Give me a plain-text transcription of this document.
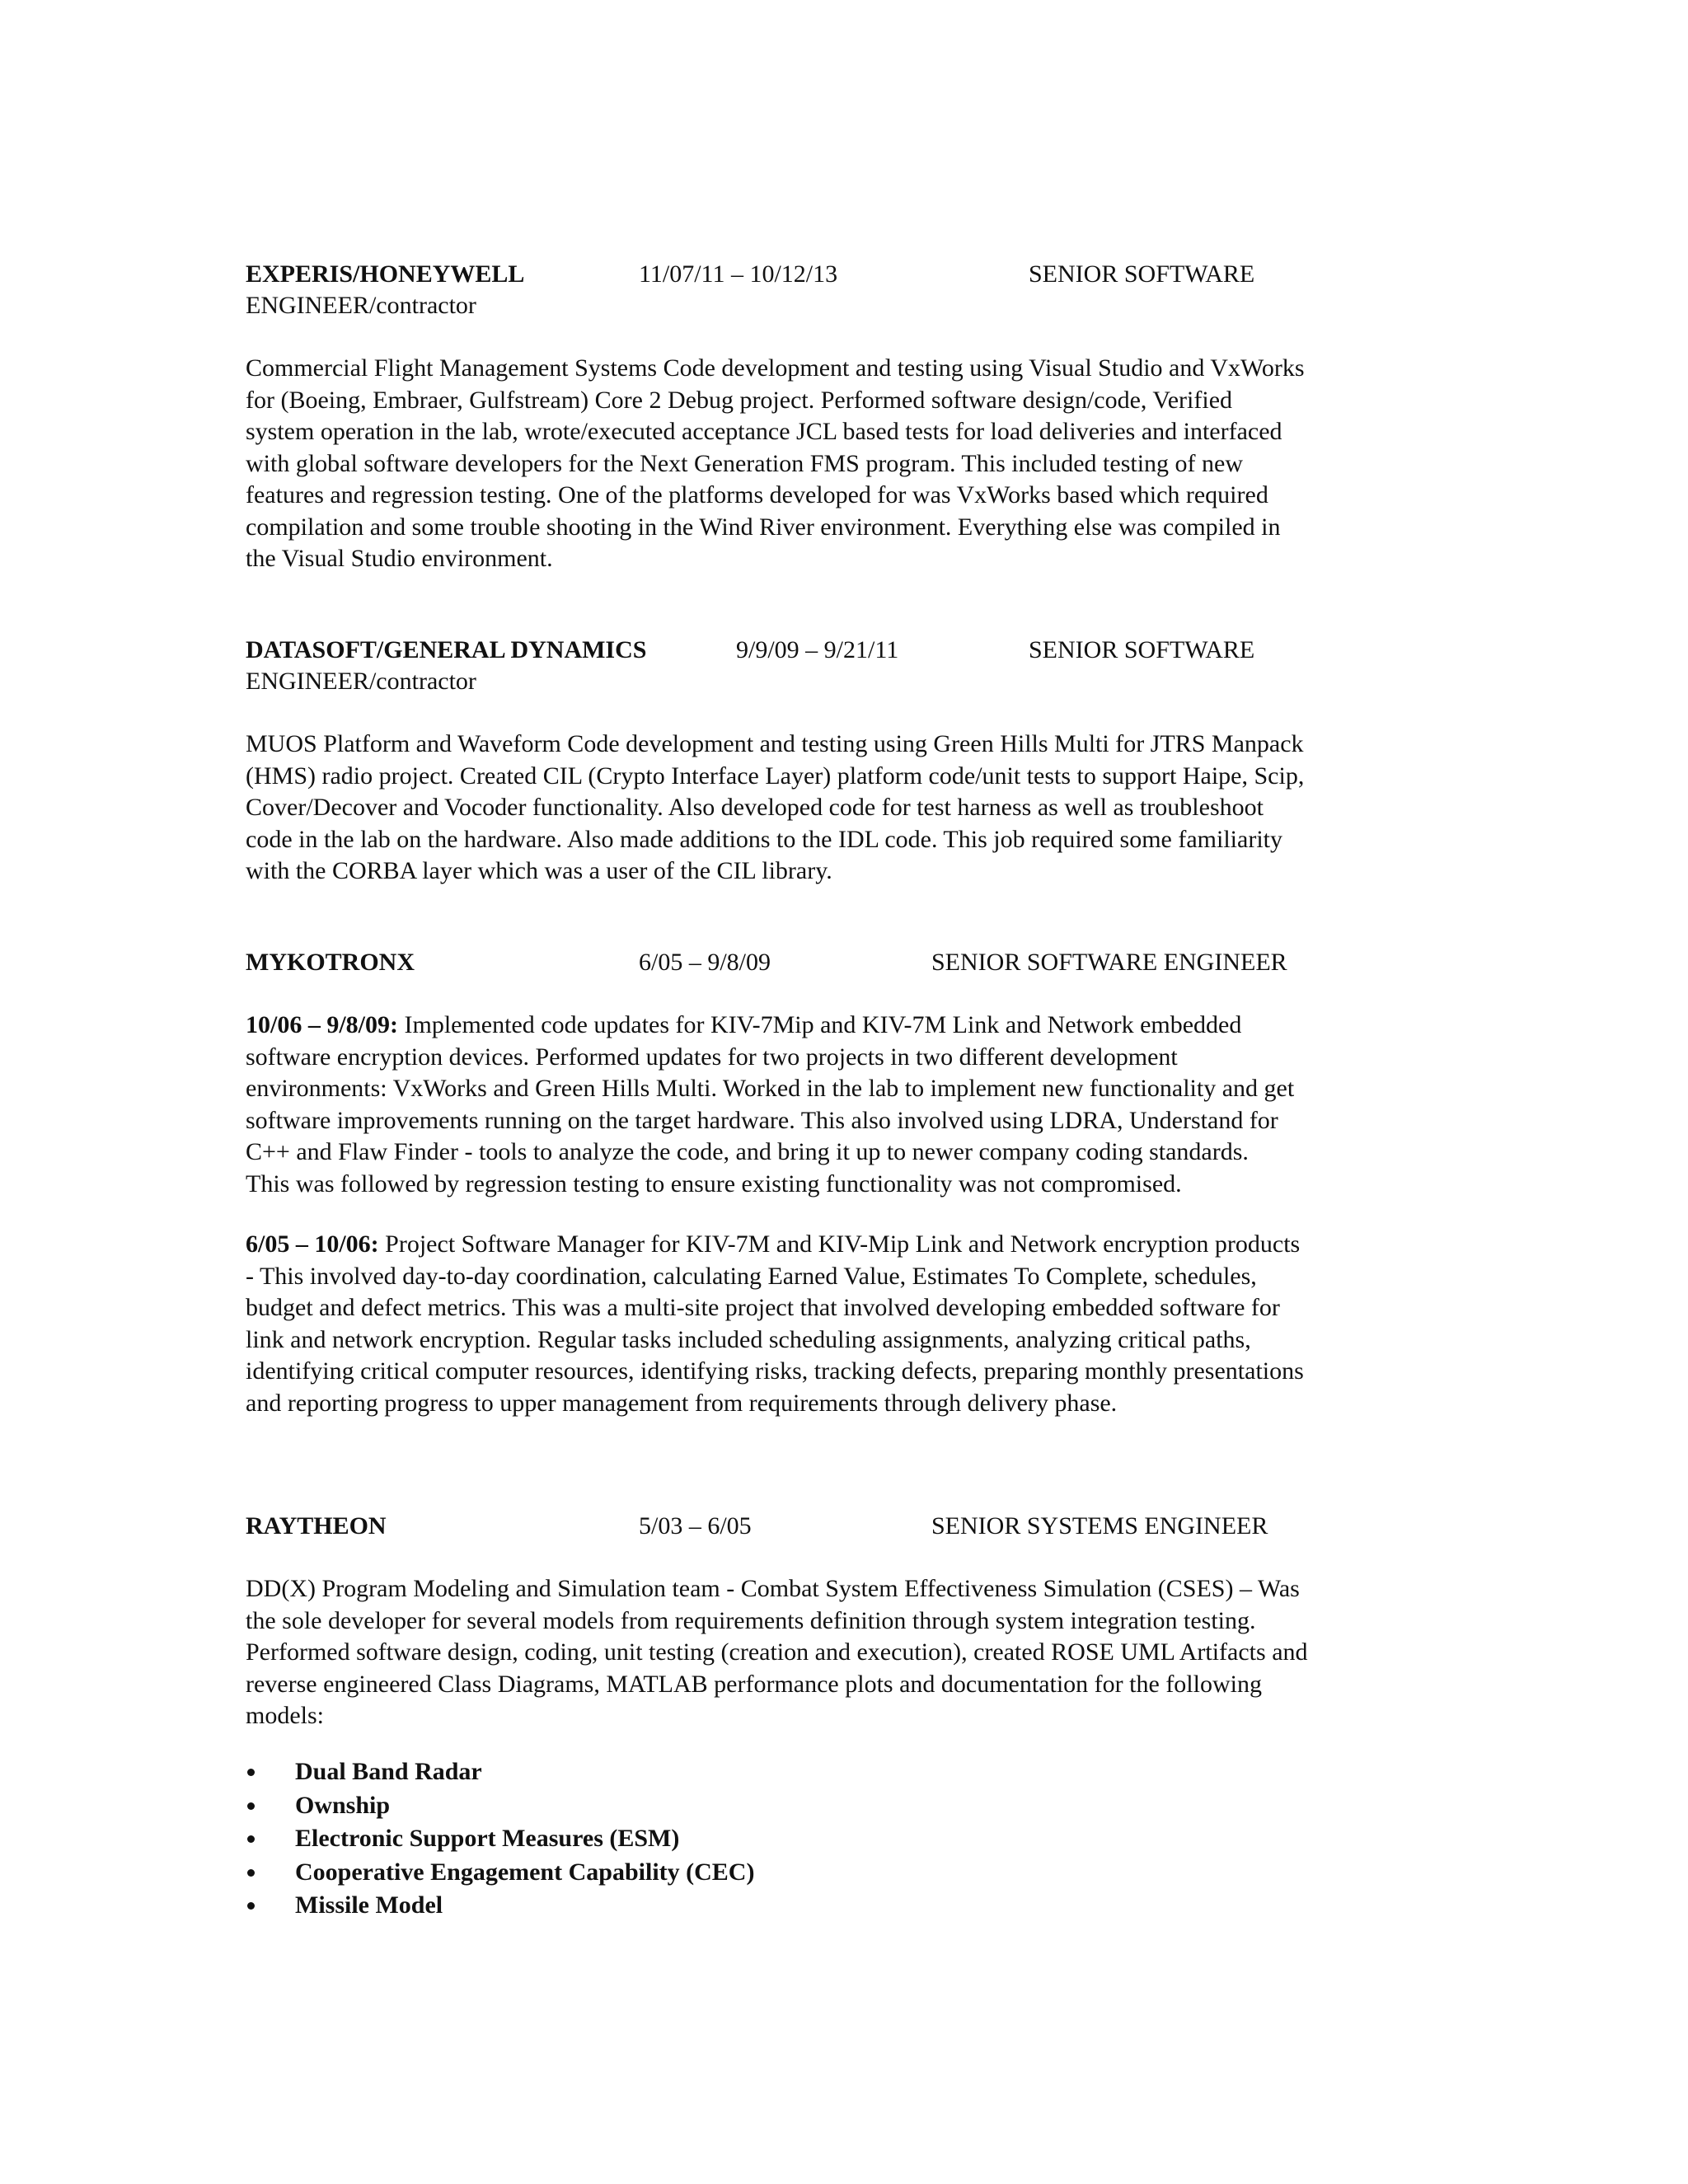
EXPERIS/HONEYWELL	11/07/11 – 10/12/13	SENIOR SOFTWARE
ENGINEER/contractor

Commercial Flight Management Systems Code development and testing using Visual Studio and VxWorks

for (Boeing, Embraer, Gulfstream) Core 2 Debug project. Performed software design/code, Verified

system operation in the lab, wrote/executed acceptance JCL based tests for load deliveries and interfaced

with global software developers for the Next Generation FMS program. This included testing of new

features and regression testing. One of the platforms developed for was VxWorks based which required

compilation and some trouble shooting in the Wind River environment. Everything else was compiled in

the Visual Studio environment.

DATASOFT/GENERAL DYNAMICS	9/9/09 – 9/21/11	SENIOR SOFTWARE
ENGINEER/contractor

MUOS Platform and Waveform Code development and testing using Green Hills Multi for JTRS Manpack

(HMS) radio project. Created CIL (Crypto Interface Layer) platform code/unit tests to support Haipe, Scip,

Cover/Decover and Vocoder functionality. Also developed code for test harness as well as troubleshoot

code in the lab on the hardware. Also made additions to the IDL code. This job required some familiarity

with the CORBA layer which was a user of the CIL library.

MYKOTRONX	6/05 – 9/8/09	SENIOR SOFTWARE ENGINEER

10/06 – 9/8/09: Implemented code updates for KIV-7Mip and KIV-7M Link and Network embedded

software encryption devices. Performed updates for two projects in two different development

environments: VxWorks and Green Hills Multi. Worked in the lab to implement new functionality and get

software improvements running on the target hardware. This also involved using LDRA, Understand for

C++ and Flaw Finder - tools to analyze the code, and bring it up to newer company coding standards.

This was followed by regression testing to ensure existing functionality was not compromised.

6/05 – 10/06: Project Software Manager for KIV-7M and KIV-Mip Link and Network encryption products

- This involved day-to-day coordination, calculating Earned Value, Estimates To Complete, schedules,

budget and defect metrics. This was a multi-site project that involved developing embedded software for

link and network encryption. Regular tasks included scheduling assignments, analyzing critical paths,

identifying critical computer resources, identifying risks, tracking defects, preparing monthly presentations

and reporting progress to upper management from requirements through delivery phase.

RAYTHEON	5/03 – 6/05	SENIOR SYSTEMS ENGINEER

DD(X) Program Modeling and Simulation team - Combat System Effectiveness Simulation (CSES) – Was

the sole developer for several models from requirements definition through system integration testing.

Performed software design, coding, unit testing (creation and execution), created ROSE UML Artifacts and

reverse engineered Class Diagrams, MATLAB performance plots and documentation for the following

models:

Dual Band Radar
Ownship
Electronic Support Measures (ESM)
Cooperative Engagement Capability (CEC)
Missile Model
